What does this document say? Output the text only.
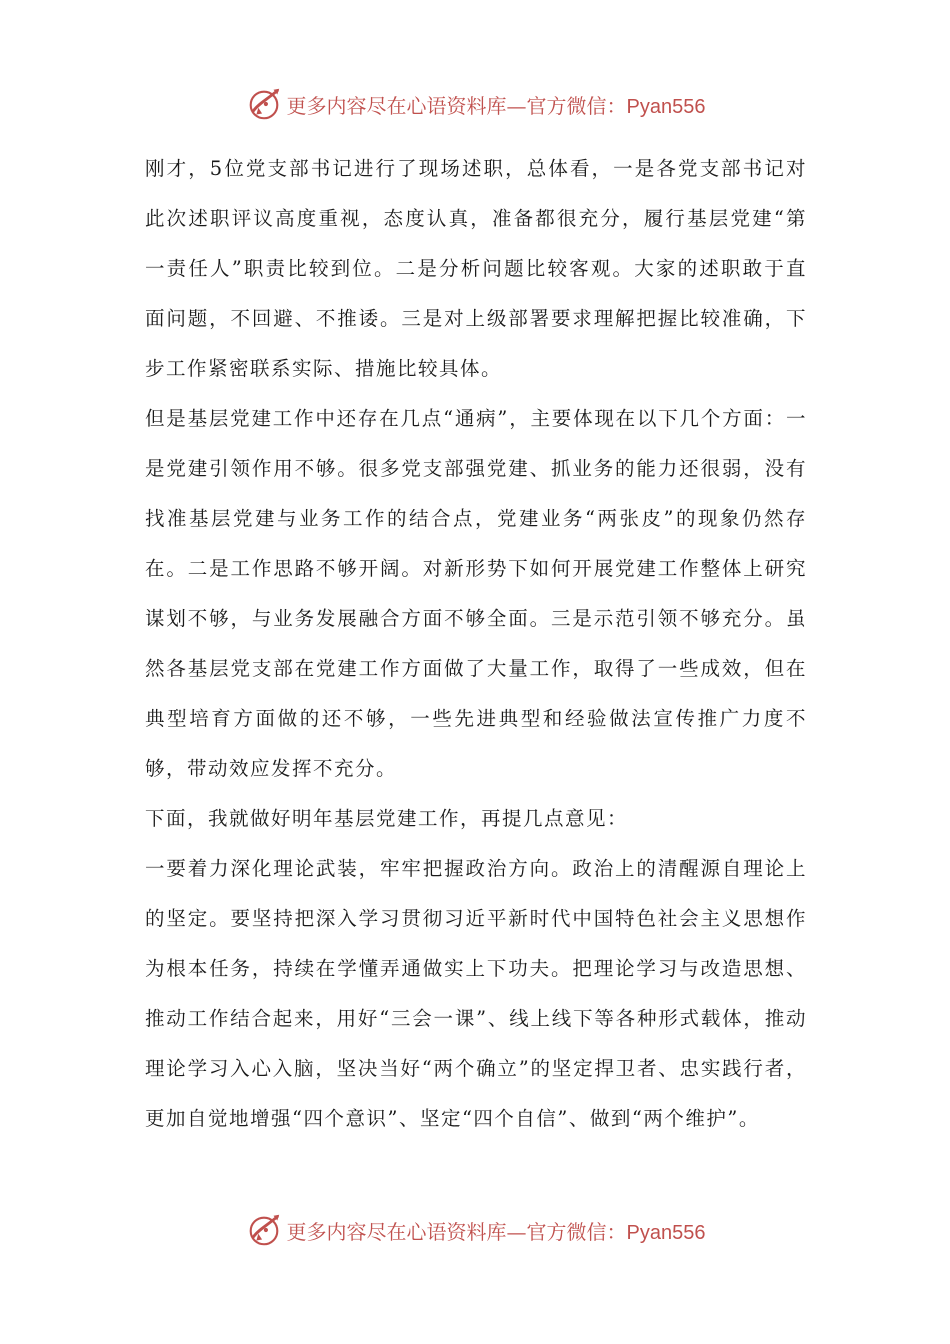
更多内容尽在心语资料库—官方微信：Pyan556

刚才，5位党支部书记进行了现场述职，总体看，一是各党支部书记对此次述职评议高度重视，态度认真，准备都很充分，履行基层党建“第一责任人”职责比较到位。二是分析问题比较客观。大家的述职敢于直面问题，不回避、不推诿。三是对上级部署要求理解把握比较准确，下步工作紧密联系实际、措施比较具体。

但是基层党建工作中还存在几点“通病”，主要体现在以下几个方面：一是党建引领作用不够。很多党支部强党建、抓业务的能力还很弱，没有找准基层党建与业务工作的结合点，党建业务“两张皮”的现象仍然存在。二是工作思路不够开阔。对新形势下如何开展党建工作整体上研究谋划不够，与业务发展融合方面不够全面。三是示范引领不够充分。虽然各基层党支部在党建工作方面做了大量工作，取得了一些成效，但在典型培育方面做的还不够，一些先进典型和经验做法宣传推广力度不够，带动效应发挥不充分。

下面，我就做好明年基层党建工作，再提几点意见：

一要着力深化理论武装，牢牢把握政治方向。政治上的清醒源自理论上的坚定。要坚持把深入学习贯彻习近平新时代中国特色社会主义思想作为根本任务，持续在学懂弄通做实上下功夫。把理论学习与改造思想、推动工作结合起来，用好“三会一课”、线上线下等各种形式载体，推动理论学习入心入脑，坚决当好“两个确立”的坚定捍卫者、忠实践行者，更加自觉地增强“四个意识”、坚定“四个自信”、做到“两个维护”。

更多内容尽在心语资料库—官方微信：Pyan556
